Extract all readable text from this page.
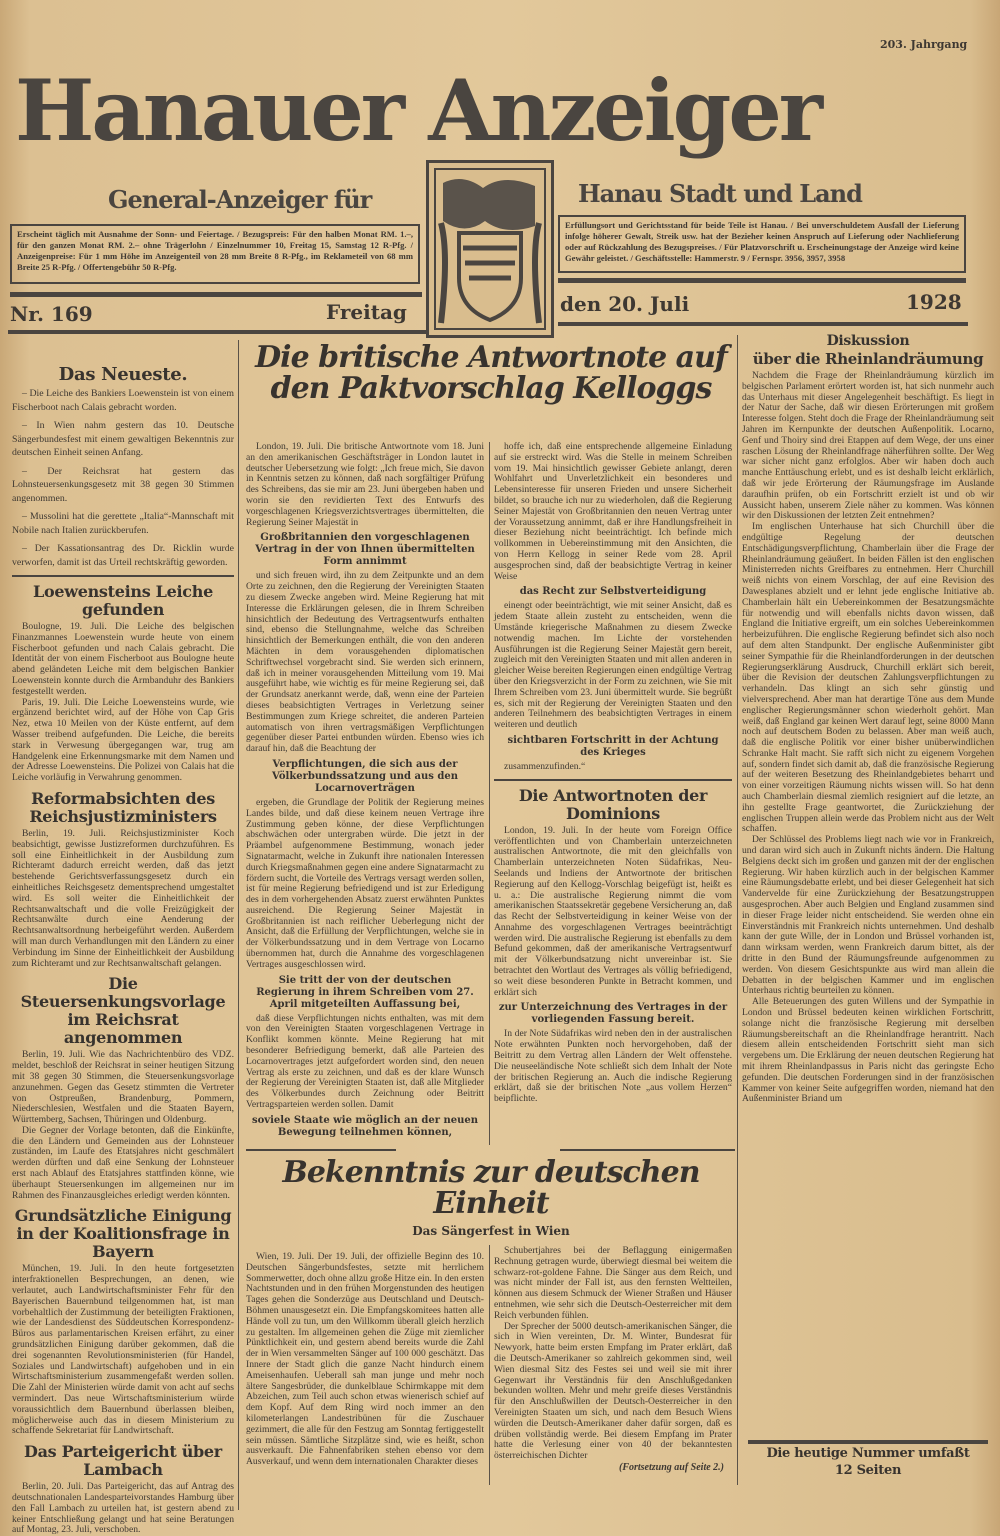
203. Jahrgang
Hanauer Anzeiger
General-Anzeiger für	Hanau Stadt und Land
Erscheint täglich mit Ausnahme der Sonn- und Feiertage. / Bezugspreis: Für den halben Monat RM. 1.–, für den ganzen Monat RM. 2.– ohne Trägerlohn / Einzelnummer 10, Freitag 15, Samstag 12 R-Pfg. / Anzeigenpreise: Für 1 mm Höhe im Anzeigenteil von 28 mm Breite 8 R-Pfg., im Reklameteil von 68 mm Breite 25 R-Pfg. / Offertengebühr 50 R-Pfg.
Erfüllungsort und Gerichtsstand für beide Teile ist Hanau. / Bei unverschuldetem Ausfall der Lieferung infolge höherer Gewalt, Streik usw. hat der Bezieher keinen Anspruch auf Lieferung oder Nachlieferung oder auf Rückzahlung des Bezugspreises. / Für Platzvorschrift u. Erscheinungstage der Anzeige wird keine Gewähr geleistet. / Geschäftsstelle: Hammerstr. 9 / Fernspr. 3956, 3957, 3958
Nr. 169	Freitag	den 20. Juli	1928
Das Neueste.

– Die Leiche des Bankiers Loewenstein ist von einem Fischerboot nach Calais gebracht worden.

– In Wien nahm gestern das 10. Deutsche Sängerbundesfest mit einem gewaltigen Bekenntnis zur deutschen Einheit seinen Anfang.

– Der Reichsrat hat gestern das Lohnsteuersenkungsgesetz mit 38 gegen 30 Stimmen angenommen.

– Mussolini hat die gerettete „Italia“-Mannschaft mit Nobile nach Italien zurückberufen.

– Der Kassationsantrag des Dr. Ricklin wurde verworfen, damit ist das Urteil rechtskräftig geworden.

Loewensteins Leiche gefunden

Boulogne, 19. Juli. Die Leiche des belgischen Finanzmannes Loewenstein wurde heute von einem Fischerboot gefunden und nach Calais gebracht. Die Identität der von einem Fischerboot aus Boulogne heute abend geländeten Leiche mit dem belgischen Bankier Loewenstein konnte durch die Armbanduhr des Bankiers festgestellt werden.

Paris, 19. Juli. Die Leiche Loewensteins wurde, wie ergänzend berichtet wird, auf der Höhe von Cap Gris Nez, etwa 10 Meilen von der Küste entfernt, auf dem Wasser treibend aufgefunden. Die Leiche, die bereits stark in Verwesung übergegangen war, trug am Handgelenk eine Erkennungsmarke mit dem Namen und der Adresse Loewensteins. Die Polizei von Calais hat die Leiche vorläufig in Verwahrung genommen.

Reformabsichten des Reichsjustizministers

Berlin, 19. Juli. Reichsjustizminister Koch beabsichtigt, gewisse Justizreformen durchzuführen. Es soll eine Einheitlichkeit in der Ausbildung zum Richteramt dadurch erreicht werden, daß das jetzt bestehende Gerichtsverfassungsgesetz durch ein einheitliches Reichsgesetz dementsprechend umgestaltet wird. Es soll weiter die Einheitlichkeit der Rechtsanwaltschaft und die volle Freizügigkeit der Rechtsanwälte durch eine Aenderung der Rechtsanwaltsordnung herbeigeführt werden. Außerdem will man durch Verhandlungen mit den Ländern zu einer Verbindung im Sinne der Einheitlichkeit der Ausbildung zum Richteramt und zur Rechtsanwaltschaft gelangen.

Die Steuersenkungsvorlage im Reichsrat angenommen

Berlin, 19. Juli. Wie das Nachrichtenbüro des VDZ. meldet, beschloß der Reichsrat in seiner heutigen Sitzung mit 38 gegen 30 Stimmen, die Steuersenkungsvorlage anzunehmen. Gegen das Gesetz stimmten die Vertreter von Ostpreußen, Brandenburg, Pommern, Niederschlesien, Westfalen und die Staaten Bayern, Württemberg, Sachsen, Thüringen und Oldenburg.

Die Gegner der Vorlage betonten, daß die Einkünfte, die den Ländern und Gemeinden aus der Lohnsteuer zuständen, im Laufe des Etatsjahres nicht geschmälert werden dürften und daß eine Senkung der Lohnsteuer erst nach Ablauf des Etatsjahres stattfinden könne, wie überhaupt Steuersenkungen im allgemeinen nur im Rahmen des Finanzausgleiches erledigt werden könnten.

Grundsätzliche Einigung in der Koalitionsfrage in Bayern

München, 19. Juli. In den heute fortgesetzten interfraktionellen Besprechungen, an denen, wie verlautet, auch Landwirtschaftsminister Fehr für den Bayerischen Bauernbund teilgenommen hat, ist man vorbehaltlich der Zustimmung der beteiligten Fraktionen, wie der Landesdienst des Süddeutschen Korrespondenz-Büros aus parlamentarischen Kreisen erfährt, zu einer grundsätzlichen Einigung darüber gekommen, daß die drei sogenannten Revolutionsministerien (für Handel, Soziales und Landwirtschaft) aufgehoben und in ein Wirtschaftsministerium zusammengefaßt werden sollen. Die Zahl der Ministerien würde damit von acht auf sechs vermindert. Das neue Wirtschaftsministerium würde voraussichtlich dem Bauernbund überlassen bleiben, möglicherweise auch das in diesem Ministerium zu schaffende Sekretariat für Landwirtschaft.

Das Parteigericht über Lambach

Berlin, 20. Juli. Das Parteigericht, das auf Antrag des deutschnationalen Landesparteivorstandes Hamburg über den Fall Lambach zu urteilen hat, ist gestern abend zu keiner Entschließung gelangt und hat seine Beratungen auf Montag, 23. Juli, verschoben.

Die britische Antwortnote auf den Paktvorschlag Kelloggs

London, 19. Juli. Die britische Antwortnote vom 18. Juni an den amerikanischen Geschäftsträger in London lautet in deutscher Uebersetzung wie folgt: „Ich freue mich, Sie davon in Kenntnis setzen zu können, daß nach sorgfältiger Prüfung des Schreibens, das sie mir am 23. Juni übergeben haben und worin sie den revidierten Text des Entwurfs des vorgeschlagenen Kriegsverzichtsvertrages übermittelten, die Regierung Seiner Majestät in

Großbritannien den vorgeschlagenen Vertrag in der von Ihnen übermittelten Form annimmt

und sich freuen wird, ihn zu dem Zeitpunkte und an dem Orte zu zeichnen, den die Regierung der Vereinigten Staaten zu diesem Zwecke angeben wird. Meine Regierung hat mit Interesse die Erklärungen gelesen, die in Ihrem Schreiben hinsichtlich der Bedeutung des Vertragsentwurfs enthalten sind, ebenso die Stellungnahme, welche das Schreiben hinsichtlich der Bemerkungen enthält, die von den anderen Mächten in dem vorausgehenden diplomatischen Schriftwechsel vorgebracht sind. Sie werden sich erinnern, daß ich in meiner vorausgehenden Mitteilung vom 19. Mai ausgeführt habe, wie wichtig es für meine Regierung sei, daß der Grundsatz anerkannt werde, daß, wenn eine der Parteien dieses beabsichtigten Vertrages in Verletzung seiner Bestimmungen zum Kriege schreitet, die anderen Parteien automatisch von ihren vertragsmäßigen Verpflichtungen gegenüber dieser Partei entbunden würden. Ebenso wies ich darauf hin, daß die Beachtung der

Verpflichtungen, die sich aus der Völkerbundssatzung und aus den Locarnoverträgen

ergeben, die Grundlage der Politik der Regierung meines Landes bilde, und daß diese keinem neuen Vertrage ihre Zustimmung geben könne, der diese Verpflichtungen abschwächen oder untergraben würde. Die jetzt in der Präambel aufgenommene Bestimmung, wonach jeder Signatarmacht, welche in Zukunft ihre nationalen Interessen durch Kriegsmaßnahmen gegen eine andere Signatarmacht zu fördern sucht, die Vorteile des Vertrags versagt werden sollen, ist für meine Regierung befriedigend und ist zur Erledigung des in dem vorhergehenden Absatz zuerst erwähnten Punktes ausreichend. Die Regierung Seiner Majestät in Großbritannien ist nach reiflicher Ueberlegung nicht der Ansicht, daß die Erfüllung der Verpflichtungen, welche sie in der Völkerbundssatzung und in dem Vertrage von Locarno übernommen hat, durch die Annahme des vorgeschlagenen Vertrages ausgeschlossen wird.

Sie tritt der von der deutschen Regierung in ihrem Schreiben vom 27. April mitgeteilten Auffassung bei,

daß diese Verpflichtungen nichts enthalten, was mit dem von den Vereinigten Staaten vorgeschlagenen Vertrage in Konflikt kommen könnte. Meine Regierung hat mit besonderer Befriedigung bemerkt, daß alle Parteien des Locarnovertrages jetzt aufgefordert worden sind, den neuen Vertrag als erste zu zeichnen, und daß es der klare Wunsch der Regierung der Vereinigten Staaten ist, daß alle Mitglieder des Völkerbundes durch Zeichnung oder Beitritt Vertragsparteien werden sollen. Damit

soviele Staate wie möglich an der neuen Bewegung teilnehmen können,

hoffe ich, daß eine entsprechende allgemeine Einladung auf sie erstreckt wird. Was die Stelle in meinem Schreiben vom 19. Mai hinsichtlich gewisser Gebiete anlangt, deren Wohlfahrt und Unverletzlichkeit ein besonderes und Lebensinteresse für unseren Frieden und unsere Sicherheit bildet, so brauche ich nur zu wiederholen, daß die Regierung Seiner Majestät von Großbritannien den neuen Vertrag unter der Voraussetzung annimmt, daß er ihre Handlungsfreiheit in dieser Beziehung nicht beeinträchtigt. Ich befinde mich vollkommen in Uebereinstimmung mit den Ansichten, die von Herrn Kellogg in seiner Rede vom 28. April ausgesprochen sind, daß der beabsichtigte Vertrag in keiner Weise

das Recht zur Selbstverteidigung

einengt oder beeinträchtigt, wie mit seiner Ansicht, daß es jedem Staate allein zusteht zu entscheiden, wenn die Umstände kriegerische Maßnahmen zu diesem Zwecke notwendig machen. Im Lichte der vorstehenden Ausführungen ist die Regierung Seiner Majestät gern bereit, zugleich mit den Vereinigten Staaten und mit allen anderen in gleicher Weise bereiten Regierungen einen endgültige Vertrag über den Kriegsverzicht in der Form zu zeichnen, wie Sie mit Ihrem Schreiben vom 23. Juni übermittelt wurde. Sie begrüßt es, sich mit der Regierung der Vereinigten Staaten und den anderen Teilnehmern des beabsichtigten Vertrages in einem weiteren und deutlich

sichtbaren Fortschritt in der Achtung des Krieges

zusammenzufinden.“

Die Antwortnoten der Dominions

London, 19. Juli. In der heute vom Foreign Office veröffentlichten und von Chamberlain unterzeichneten australischen Antwortnote, die mit den gleichfalls von Chamberlain unterzeichneten Noten Südafrikas, Neu-Seelands und Indiens der Antwortnote der britischen Regierung auf den Kellogg-Vorschlag beigefügt ist, heißt es u. a.: Die australische Regierung nimmt die vom amerikanischen Staatssekretär gegebene Versicherung an, daß das Recht der Selbstverteidigung in keiner Weise von der Annahme des vorgeschlagenen Vertrages beeinträchtigt werden wird. Die australische Regierung ist ebenfalls zu dem Befund gekommen, daß der amerikanische Vertragsentwurf mit der Völkerbundsatzung nicht unvereinbar ist. Sie betrachtet den Wortlaut des Vertrages als völlig befriedigend, so weit diese besonderen Punkte in Betracht kommen, und erklärt sich

zur Unterzeichnung des Vertrages in der vorliegenden Fassung bereit.

In der Note Südafrikas wird neben den in der australischen Note erwähnten Punkten noch hervorgehoben, daß der Beitritt zu dem Vertrag allen Ländern der Welt offenstehe. Die neuseeländische Note schließt sich dem Inhalt der Note der britischen Regierung an. Auch die indische Regierung erklärt, daß sie der britischen Note „aus vollem Herzen“ beipflichte.

Bekenntnis zur deutschen Einheit
Das Sängerfest in Wien

Wien, 19. Juli. Der 19. Juli, der offizielle Beginn des 10. Deutschen Sängerbundsfestes, setzte mit herrlichem Sommerwetter, doch ohne allzu große Hitze ein. In den ersten Nachtstunden und in den frühen Morgenstunden des heutigen Tages gehen die Sonderzüge aus Deutschland und Deutsch-Böhmen unausgesetzt ein. Die Empfangskomitees hatten alle Hände voll zu tun, um den Willkomm überall gleich herzlich zu gestalten. Im allgemeinen gehen die Züge mit ziemlicher Pünktlichkeit ein, und gestern abend bereits wurde die Zahl der in Wien versammelten Sänger auf 100 000 geschätzt. Das Innere der Stadt glich die ganze Nacht hindurch einem Ameisenhaufen. Ueberall sah man junge und mehr noch ältere Sangesbrüder, die dunkelblaue Schirmkappe mit dem Abzeichen, zum Teil auch schon etwas wienerisch schief auf dem Kopf. Auf dem Ring wird noch immer an den kilometerlangen Landestribünen für die Zuschauer gezimmert, die alle für den Festzug am Sonntag fertiggestellt sein müssen. Sämtliche Sitzplätze sind, wie es heißt, schon ausverkauft. Die Fahnenfabriken stehen ebenso vor dem Ausverkauf, und wenn dem internationalen Charakter dieses

Schubertjahres bei der Beflaggung einigermaßen Rechnung getragen wurde, überwiegt diesmal bei weitem die schwarz-rot-goldene Fahne. Die Sänger aus dem Reich, und was nicht minder der Fall ist, aus den fernsten Weltteilen, können aus diesem Schmuck der Wiener Straßen und Häuser entnehmen, wie sehr sich die Deutsch-Oesterreicher mit dem Reich verbunden fühlen.

Der Sprecher der 5000 deutsch-amerikanischen Sänger, die sich in Wien vereinten, Dr. M. Winter, Bundesrat für Newyork, hatte beim ersten Empfang im Prater erklärt, daß die Deutsch-Amerikaner so zahlreich gekommen sind, weil Wien diesmal Sitz des Festes sei und weil sie mit ihrer Gegenwart ihr Verständnis für den Anschlußgedanken bekunden wollten. Mehr und mehr greife dieses Verständnis für den Anschlußwillen der Deutsch-Oesterreicher in den Vereinigten Staaten um sich, und nach dem Besuch Wiens würden die Deutsch-Amerikaner daher dafür sorgen, daß es drüben vollständig werde. Bei diesem Empfang im Prater hatte die Verlesung einer von 40 der bekanntesten österreichischen Dichter

(Fortsetzung auf Seite 2.)
Diskussion
über die Rheinlandräumung

Nachdem die Frage der Rheinlandräumung kürzlich im belgischen Parlament erörtert worden ist, hat sich nunmehr auch das Unterhaus mit dieser Angelegenheit beschäftigt. Es liegt in der Natur der Sache, daß wir diesen Erörterungen mit großem Interesse folgen. Steht doch die Frage der Rheinlandräumung seit Jahren im Kernpunkte der deutschen Außenpolitik. Locarno, Genf und Thoiry sind drei Etappen auf dem Wege, der uns einer raschen Lösung der Rheinlandfrage näherführen sollte. Der Weg war sicher nicht ganz erfolglos. Aber wir haben doch auch manche Enttäuschung erlebt, und es ist deshalb leicht erklärlich, daß wir jede Erörterung der Räumungsfrage im Auslande daraufhin prüfen, ob ein Fortschritt erzielt ist und ob wir Aussicht haben, unserem Ziele näher zu kommen. Was können wir den Diskussionen der letzten Zeit entnehmen?

Im englischen Unterhause hat sich Churchill über die endgültige Regelung der deutschen Entschädigungsverpflichtung, Chamberlain über die Frage der Rheinlandräumung geäußert. In beiden Fällen ist den englischen Ministerreden nichts Greifbares zu entnehmen. Herr Churchill weiß nichts von einem Vorschlag, der auf eine Revision des Dawesplanes abzielt und er lehnt jede englische Initiative ab. Chamberlain hält ein Uebereinkommen der Besatzungsmächte für notwendig und will ebenfalls nichts davon wissen, daß England die Initiative ergreift, um ein solches Uebereinkommen herbeizuführen. Die englische Regierung befindet sich also noch auf dem alten Standpunkt. Der englische Außenminister gibt seiner Sympathie für die Rheinlandforderungen in der deutschen Regierungserklärung Ausdruck, Churchill erklärt sich bereit, über die Revision der deutschen Zahlungsverpflichtungen zu verhandeln. Das klingt an sich sehr günstig und vielversprechend. Aber man hat derartige Töne aus dem Munde englischer Regierungsmänner schon wiederholt gehört. Man weiß, daß England gar keinen Wert darauf legt, seine 8000 Mann noch auf deutschem Boden zu belassen. Aber man weiß auch, daß die englische Politik vor einer bisher unüberwindlichen Schranke Halt macht. Sie rafft sich nicht zu eigenem Vorgehen auf, sondern findet sich damit ab, daß die französische Regierung auf der weiteren Besetzung des Rheinlandgebietes beharrt und von einer vorzeitigen Räumung nichts wissen will. So hat denn auch Chamberlain diesmal ziemlich resigniert auf die letzte, an ihn gestellte Frage geantwortet, die Zurückziehung der englischen Truppen allein werde das Problem nicht aus der Welt schaffen.

Der Schlüssel des Problems liegt nach wie vor in Frankreich, und daran wird sich auch in Zukunft nichts ändern. Die Haltung Belgiens deckt sich im großen und ganzen mit der der englischen Regierung. Wir haben kürzlich auch in der belgischen Kammer eine Räumungsdebatte erlebt, und bei dieser Gelegenheit hat sich Vandervelde für eine Zurückziehung der Besatzungstruppen ausgesprochen. Aber auch Belgien und England zusammen sind in dieser Frage leider nicht entscheidend. Sie werden ohne ein Einverständnis mit Frankreich nichts unternehmen. Und deshalb kann der gute Wille, der in London und Brüssel vorhanden ist, dann wirksam werden, wenn Frankreich darum bittet, als der dritte in den Bund der Räumungsfreunde aufgenommen zu werden. Von diesem Gesichtspunkte aus wird man allein die Debatten in der belgischen Kammer und im englischen Unterhaus richtig beurteilen zu können.

Alle Beteuerungen des guten Willens und der Sympathie in London und Brüssel bedeuten keinen wirklichen Fortschritt, solange nicht die französische Regierung mit derselben Räumungsbereitschaft an die Rheinlandfrage herantritt. Nach diesem allein entscheidenden Fortschritt sieht man sich vergebens um. Die Erklärung der neuen deutschen Regierung hat mit ihrem Rheinlandpassus in Paris nicht das geringste Echo gefunden. Die deutschen Forderungen sind in der französischen Kammer von keiner Seite aufgegriffen worden, niemand hat den Außenminister Briand um

Die heutige Nummer umfaßt
12 Seiten
